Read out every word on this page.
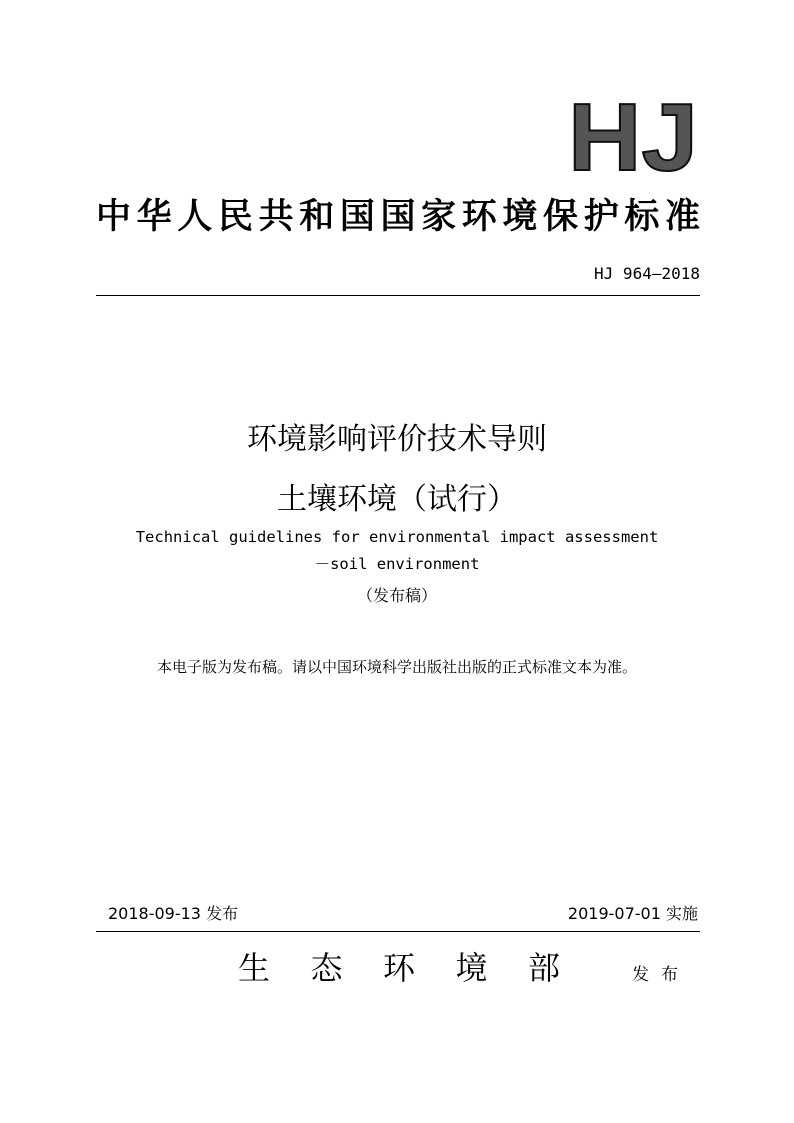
HJ
中 华 人 民 共 和 国 国 家 环 境 保 护 标 准
HJ 964—2018
环境影响评价技术导则
土壤环境（试行）
Technical guidelines for environmental impact assessment
－soil environment
（发布稿）
本电子版为发布稿。请以中国环境科学出版社出版的正式标准文本为准。
2018-09-13 发布	2019-07-01 实施
生 态 环 境 部	发 布
